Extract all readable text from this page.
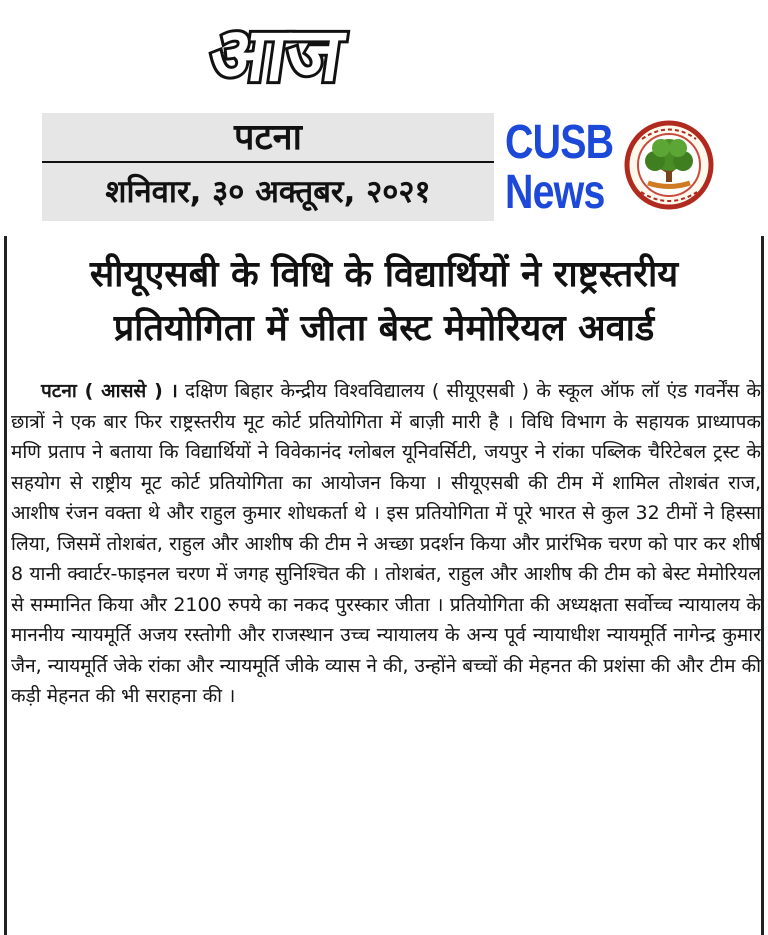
आज
पटना
शनिवार, ३० अक्तूबर, २०२१
CUSB
News
सीयूएसबी के विधि के विद्यार्थियों ने राष्ट्रस्तरीय
प्रतियोगिता में जीता बेस्ट मेमोरियल अवार्ड

पटना ( आससे ) । दक्षिण बिहार केन्द्रीय विश्वविद्यालय ( सीयूएसबी ) के स्कूल ऑफ लॉ एंड गवर्नेंस के छात्रों ने एक बार फिर राष्ट्रस्तरीय मूट कोर्ट प्रतियोगिता में बाज़ी मारी है । विधि विभाग के सहायक प्राध्यापक मणि प्रताप ने बताया कि विद्यार्थियों ने विवेकानंद ग्लोबल यूनिवर्सिटी, जयपुर ने रांका पब्लिक चैरिटेबल ट्रस्ट के सहयोग से राष्ट्रीय मूट कोर्ट प्रतियोगिता का आयोजन किया । सीयूएसबी की टीम में शामिल तोशबंत राज, आशीष रंजन वक्ता थे और राहुल कुमार शोधकर्ता थे । इस प्रतियोगिता में पूरे भारत से कुल 32 टीमों ने हिस्सा लिया, जिसमें तोशबंत, राहुल और आशीष की टीम ने अच्छा प्रदर्शन किया और प्रारंभिक चरण को पार कर शीर्ष 8 यानी क्वार्टर-फाइनल चरण में जगह सुनिश्चित की । तोशबंत, राहुल और आशीष की टीम को बेस्ट मेमोरियल से सम्मानित किया और 2100 रुपये का नकद पुरस्कार जीता । प्रतियोगिता की अध्यक्षता सर्वोच्च न्यायालय के माननीय न्यायमूर्ति अजय रस्तोगी और राजस्थान उच्च न्यायालय के अन्य पूर्व न्यायाधीश न्यायमूर्ति नागेन्द्र कुमार जैन, न्यायमूर्ति जेके रांका और न्यायमूर्ति जीके व्यास ने की, उन्होंने बच्चों की मेहनत की प्रशंसा की और टीम की कड़ी मेहनत की भी सराहना की ।
